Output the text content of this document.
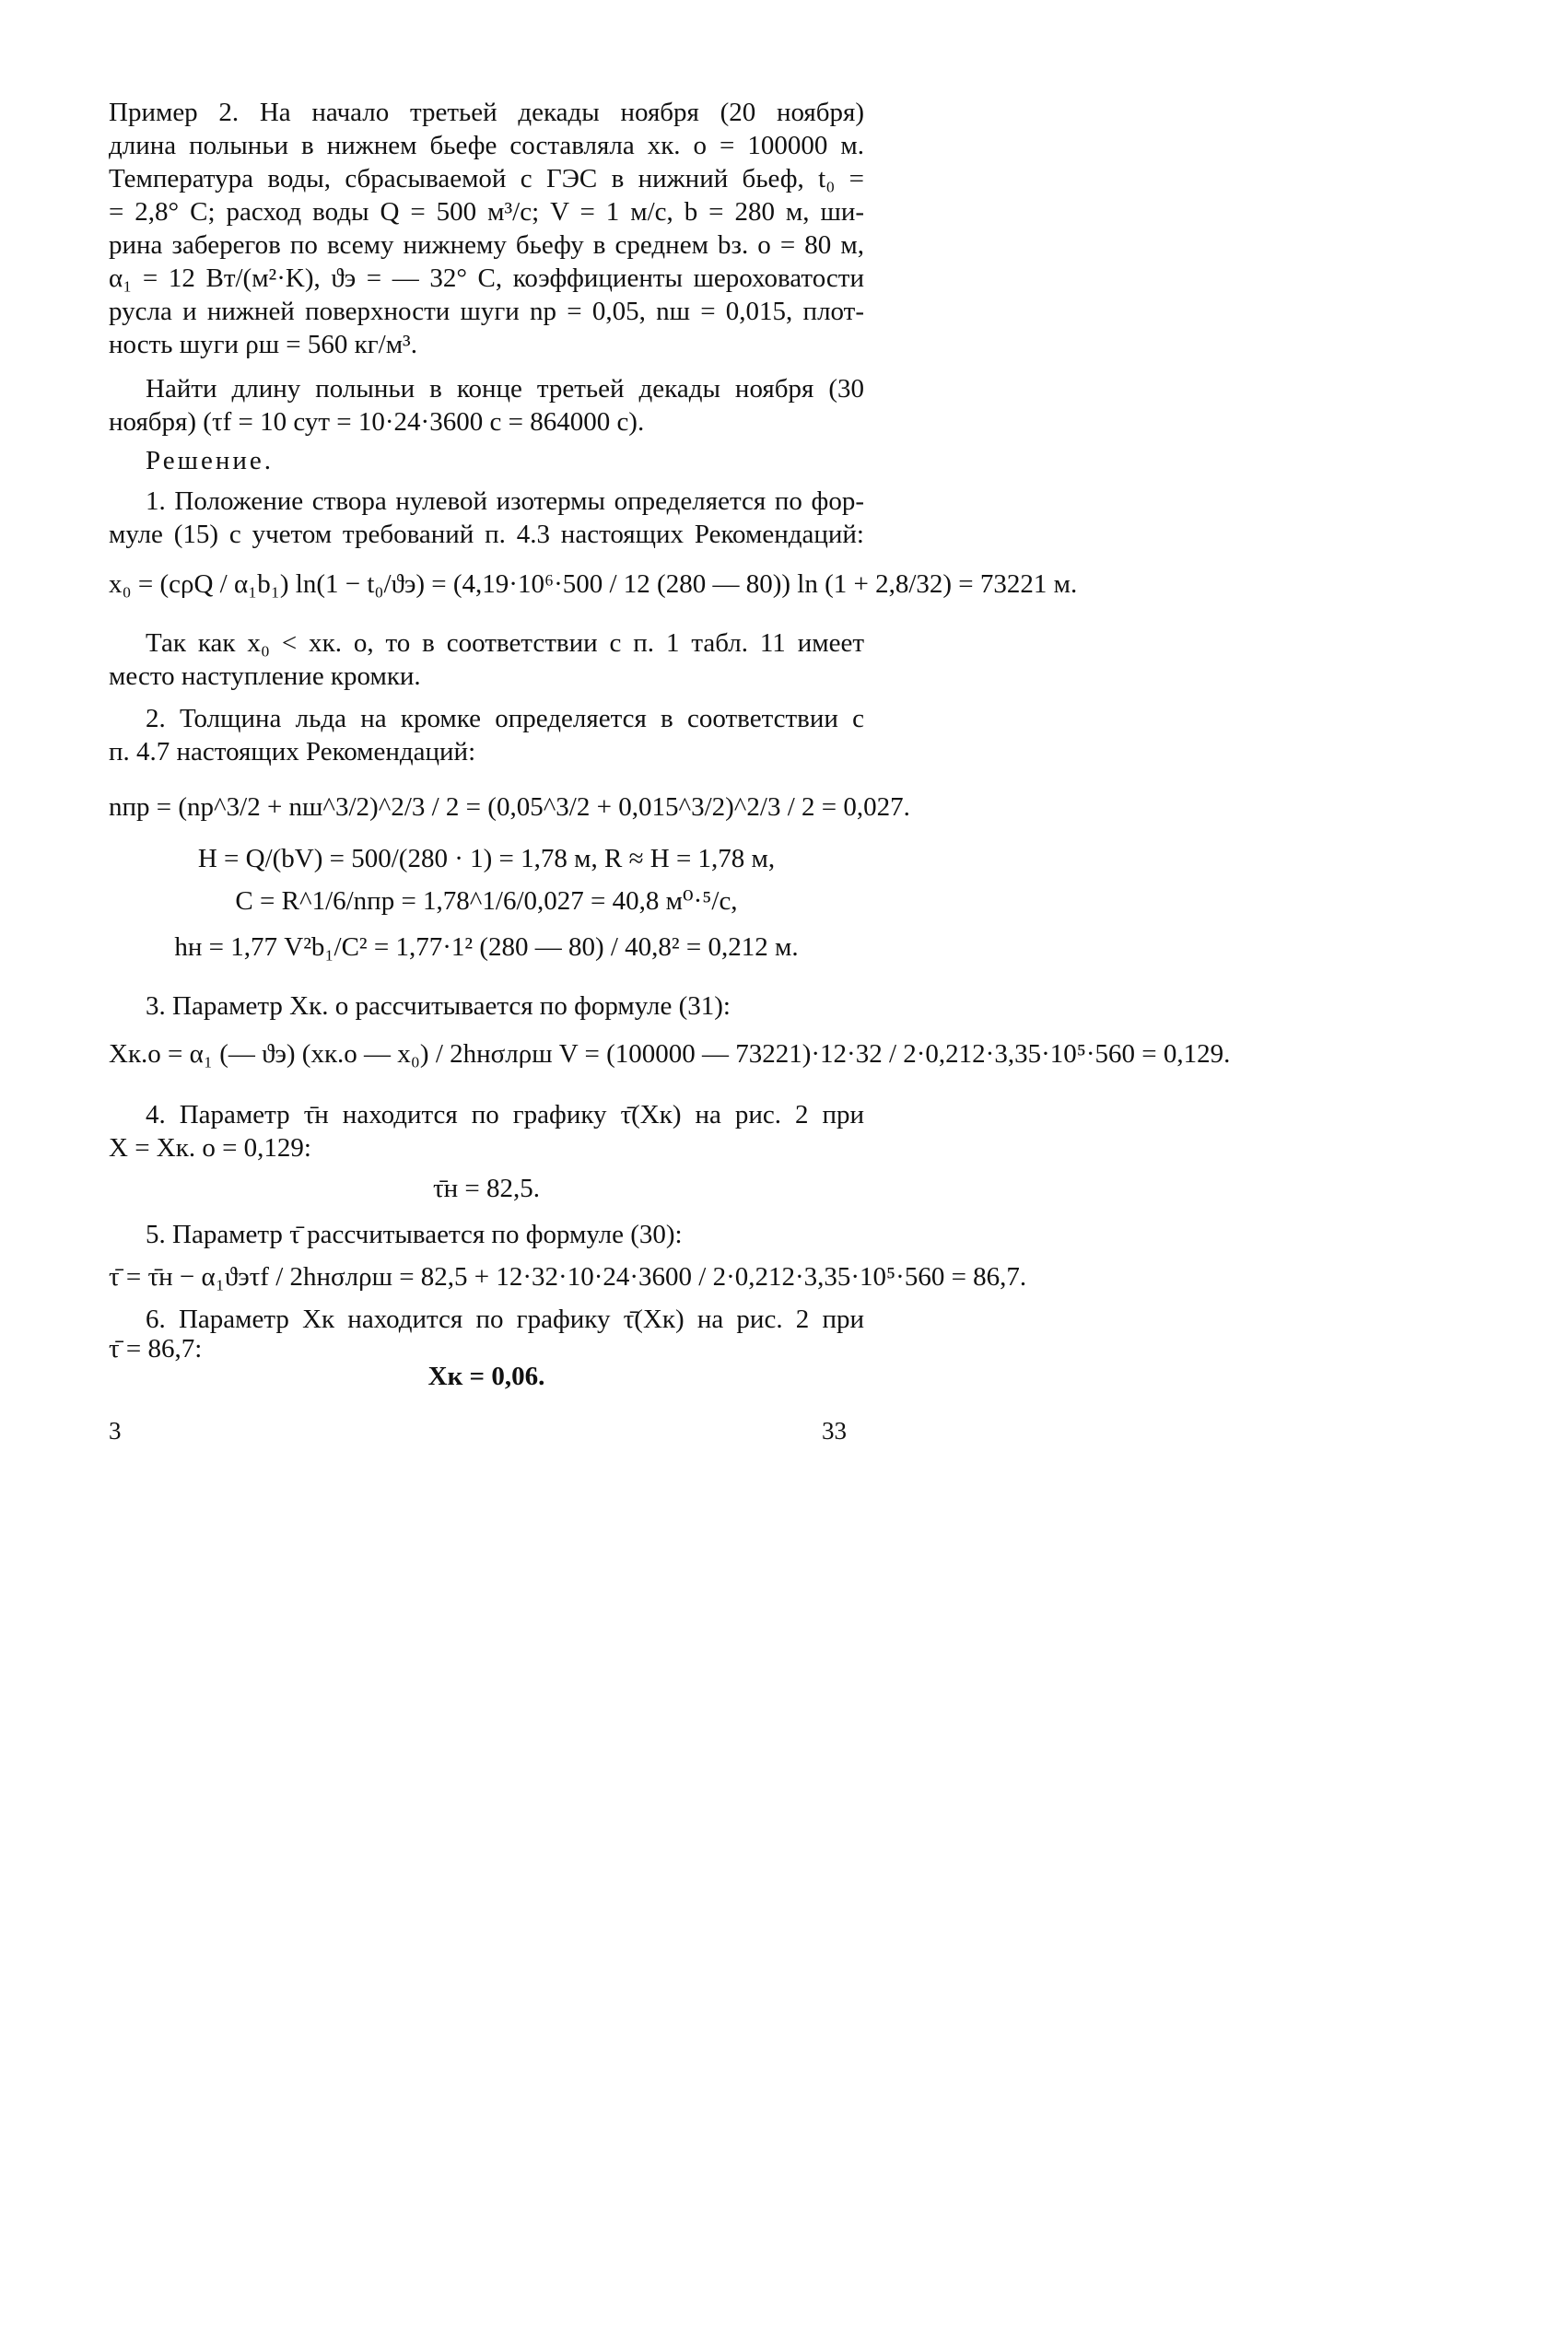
Пример 2. На начало третьей декады ноября (20 ноября)
длина полыньи в нижнем бьефе составляла xк. о = 100000 м.
Температура воды, сбрасываемой с ГЭС в нижний бьеф, t₀ =
= 2,8° С; расход воды Q = 500 м³/с; V = 1 м/с, b = 280 м, ши-
рина заберегов по всему нижнему бьефу в среднем bз. о = 80 м,
α₁ = 12 Вт/(м²·K), ϑэ = — 32° С, коэффициенты шероховатости
русла и нижней поверхности шуги nр = 0,05, nш = 0,015, плот-
ность шуги ρш = 560 кг/м³.
Найти длину полыньи в конце третьей декады ноября (30
ноября) (τf = 10 сут = 10·24·3600 с = 864000 с).
Решение.
1. Положение створа нулевой изотермы определяется по фор-
муле (15) с учетом требований п. 4.3 настоящих Рекомендаций:
x₀ = (cρQ / α₁b₁) ln(1 − t₀/ϑэ) = (4,19·10⁶·500 / 12 (280 — 80)) ln (1 + 2,8/32) = 73221 м.
Так как x₀ < xк. о, то в соответствии с п. 1 табл. 11 имеет
место наступление кромки.
2. Толщина льда на кромке определяется в соответствии с
п. 4.7 настоящих Рекомендаций:
nпр = (nр^3/2 + nш^3/2)^2/3 / 2 = (0,05^3/2 + 0,015^3/2)^2/3 / 2 = 0,027.
H = Q/(bV) = 500/(280 · 1) = 1,78 м, R ≈ H = 1,78 м,
C = R^1/6/nпр = 1,78^1/6/0,027 = 40,8 м⁰·⁵/с,
hн = 1,77 V²b₁/C² = 1,77·1² (280 — 80) / 40,8² = 0,212 м.
3. Параметр Xк. о рассчитывается по формуле (31):
Xк.о = α₁ (— ϑэ) (xк.о — x₀) / 2hнσлρш V = (100000 — 73221)·12·32 / 2·0,212·3,35·10⁵·560 = 0,129.
4. Параметр τ̄н находится по графику τ̄(Xк) на рис. 2 при
X = Xк. о = 0,129:
τ̄н = 82,5.
5. Параметр τ̄ рассчитывается по формуле (30):
τ̄ = τ̄н − α₁ϑэτf / 2hнσлρш = 82,5 + 12·32·10·24·3600 / 2·0,212·3,35·10⁵·560 = 86,7.
6. Параметр Xк находится по графику τ̄(Xк) на рис. 2 при
τ̄ = 86,7:
Xк = 0,06.
3	33
